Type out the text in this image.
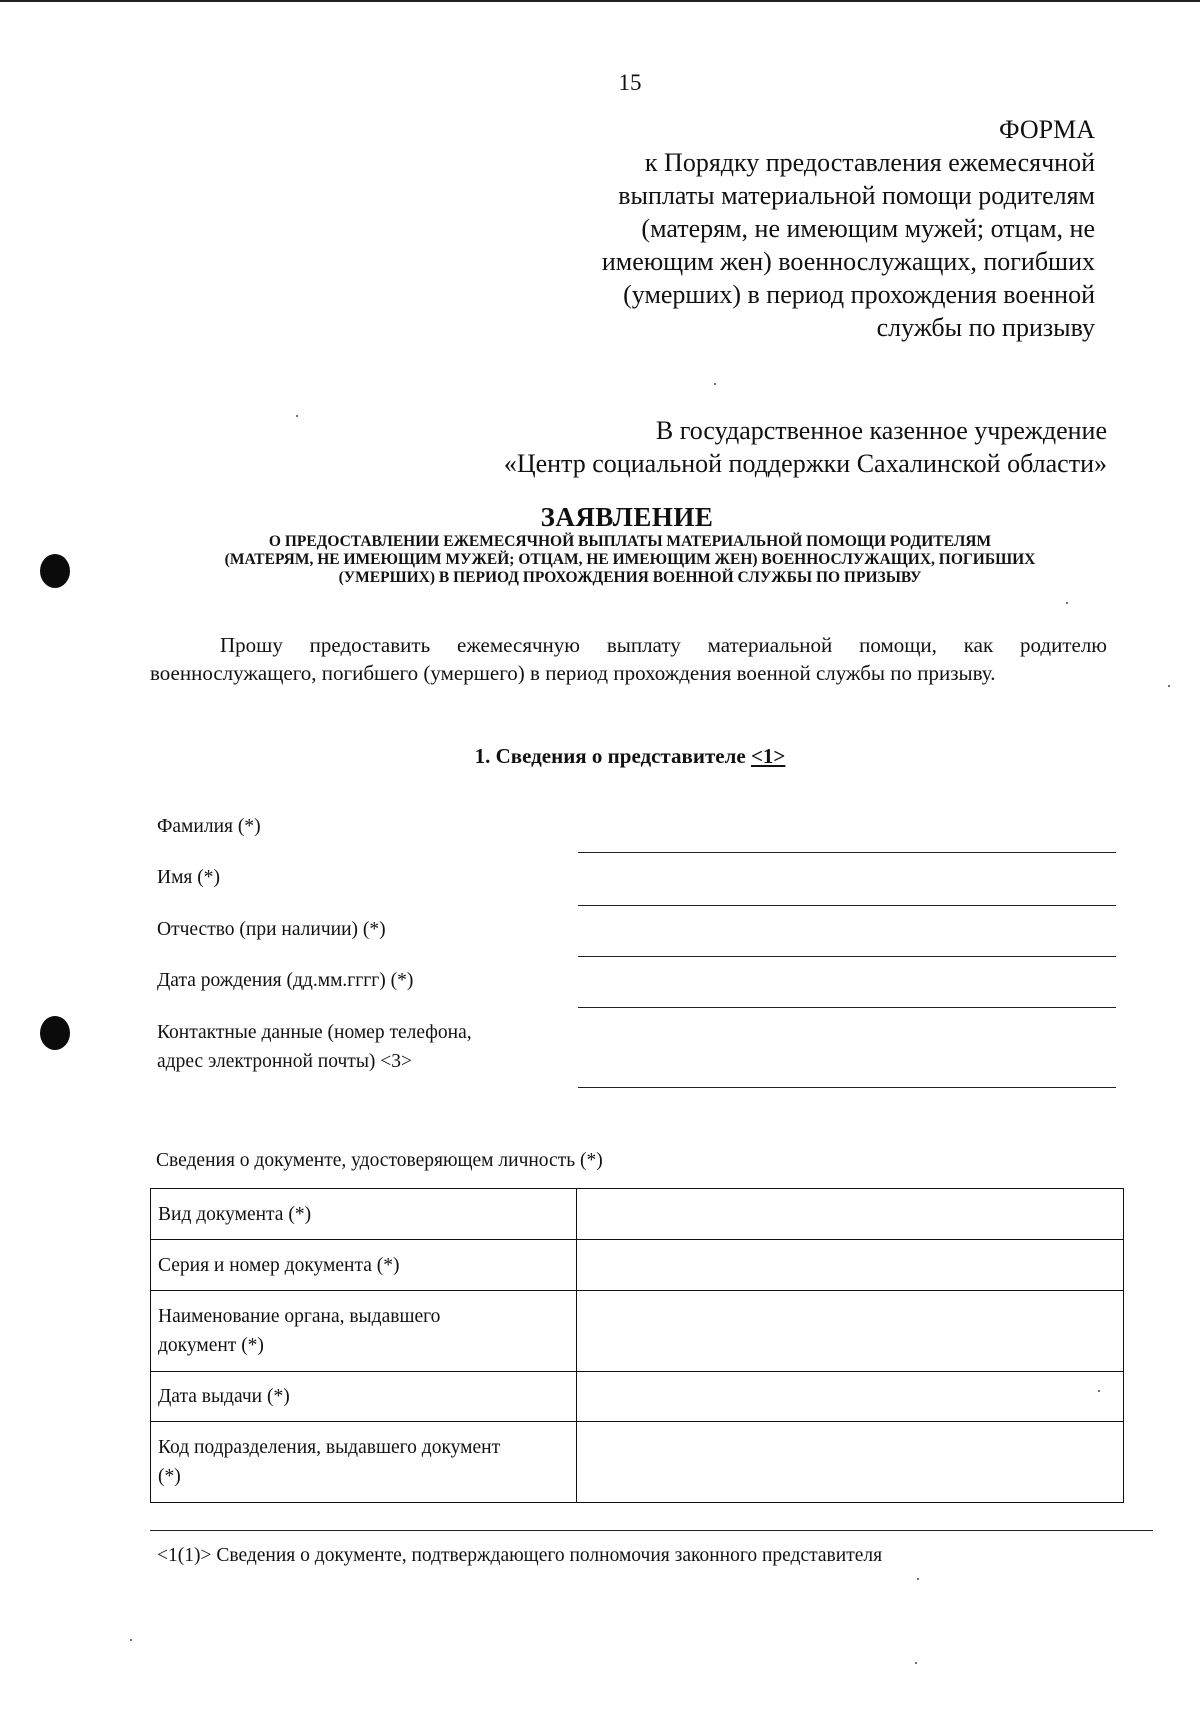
15
ФОРМА
к Порядку предоставления ежемесячной
выплаты материальной помощи родителям
(матерям, не имеющим мужей; отцам, не
имеющим жен) военнослужащих, погибших
(умерших) в период прохождения военной
службы по призыву
В государственное казенное учреждение
«Центр социальной поддержки Сахалинской области»
ЗАЯВЛЕНИЕ
О ПРЕДОСТАВЛЕНИИ ЕЖЕМЕСЯЧНОЙ ВЫПЛАТЫ МАТЕРИАЛЬНОЙ ПОМОЩИ РОДИТЕЛЯМ
(МАТЕРЯМ, НЕ ИМЕЮЩИМ МУЖЕЙ; ОТЦАМ, НЕ ИМЕЮЩИМ ЖЕН) ВОЕННОСЛУЖАЩИХ, ПОГИБШИХ
(УМЕРШИХ) В ПЕРИОД ПРОХОЖДЕНИЯ ВОЕННОЙ СЛУЖБЫ ПО ПРИЗЫВУ
Прошу предоставить ежемесячную выплату материальной помощи, как родителю военнослужащего, погибшего (умершего) в период прохождения военной службы по призыву.
1. Сведения о представителе <1>
Фамилия (*)
Имя (*)
Отчество (при наличии) (*)
Дата рождения (дд.мм.гггг) (*)
Контактные данные (номер телефона,
адрес электронной почты) <3>
Сведения о документе, удостоверяющем личность (*)
Вид документа (*)	
Серия и номер документа (*)	

Наименование органа, выдавшего
документ (*)	

Дата выдачи (*)	

Код подразделения, выдавшего документ
(*)	

<1(1)> Сведения о документе, подтверждающего полномочия законного представителя
